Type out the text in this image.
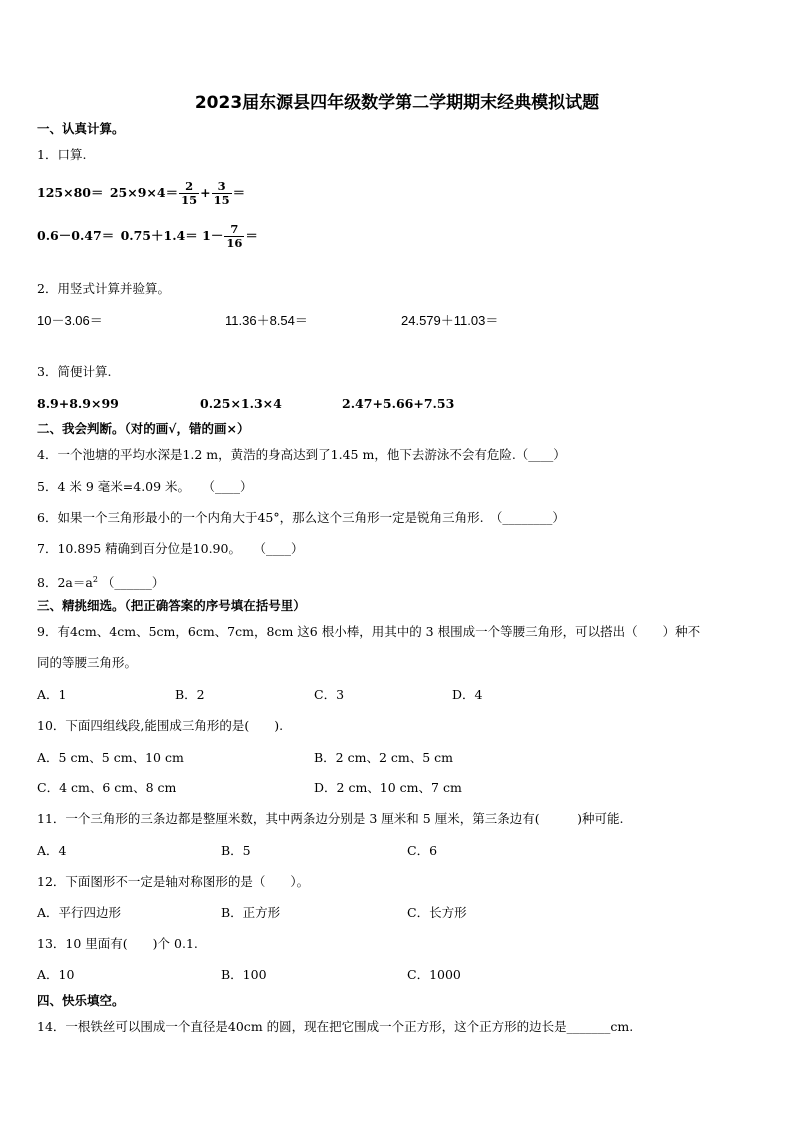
2023届东源县四年级数学第二学期期末经典模拟试题
一、认真计算。
1．口算.
$125\times 80= 25\times 9\times 4= \frac{2}{15} + \frac{3}{15}$ ＝
$0.6-0.47= 0.75+1.4= 1- \frac{7}{16}$ ＝
2．用竖式计算并验算。
10－3.06＝	11.36＋8.54＝	24.579＋11.03＝
3．简便计算.
8.9+8.9×99	0.25×1.3×4	2.47+5.66+7.53
二、我会判断。（对的画√，错的画×）
4．一个池塘的平均水深是1.2 m，黄浩的身高达到了1.45 m，他下去游泳不会有危险.（____）
5．4 米 9 毫米=4.09 米。　　（____）
6．如果一个三角形最小的一个内角大于45°，那么这个三角形一定是锐角三角形.　（________）
7．10.895 精确到百分位是10.90。　　（____）
8．$2a=a^2$ （______）
三、精挑细选。（把正确答案的序号填在括号里）
9．有4cm、4cm、5cm，6cm、7cm，8cm 这6 根小棒，用其中的 3 根围成一个等腰三角形，可以搭出（　　）种不
同的等腰三角形。
A．1	B．2	C．3	D．4
10．下面四组线段,能围成三角形的是(　　).
A．5 cm、5 cm、10 cm	B．2 cm、2 cm、5 cm
C．4 cm、6 cm、8 cm	D．2 cm、10 cm、7 cm
11．一个三角形的三条边都是整厘米数，其中两条边分别是 3 厘米和 5 厘米，第三条边有(　　　)种可能.
A．4	B．5	C．6
12．下面图形不一定是轴对称图形的是（　　）。
A．平行四边形	B．正方形	C．长方形
13．10 里面有(　　)个 0.1.
A．10	B．100	C．1000
四、快乐填空。
14．一根铁丝可以围成一个直径是40cm 的圆，现在把它围成一个正方形，这个正方形的边长是_______cm.
